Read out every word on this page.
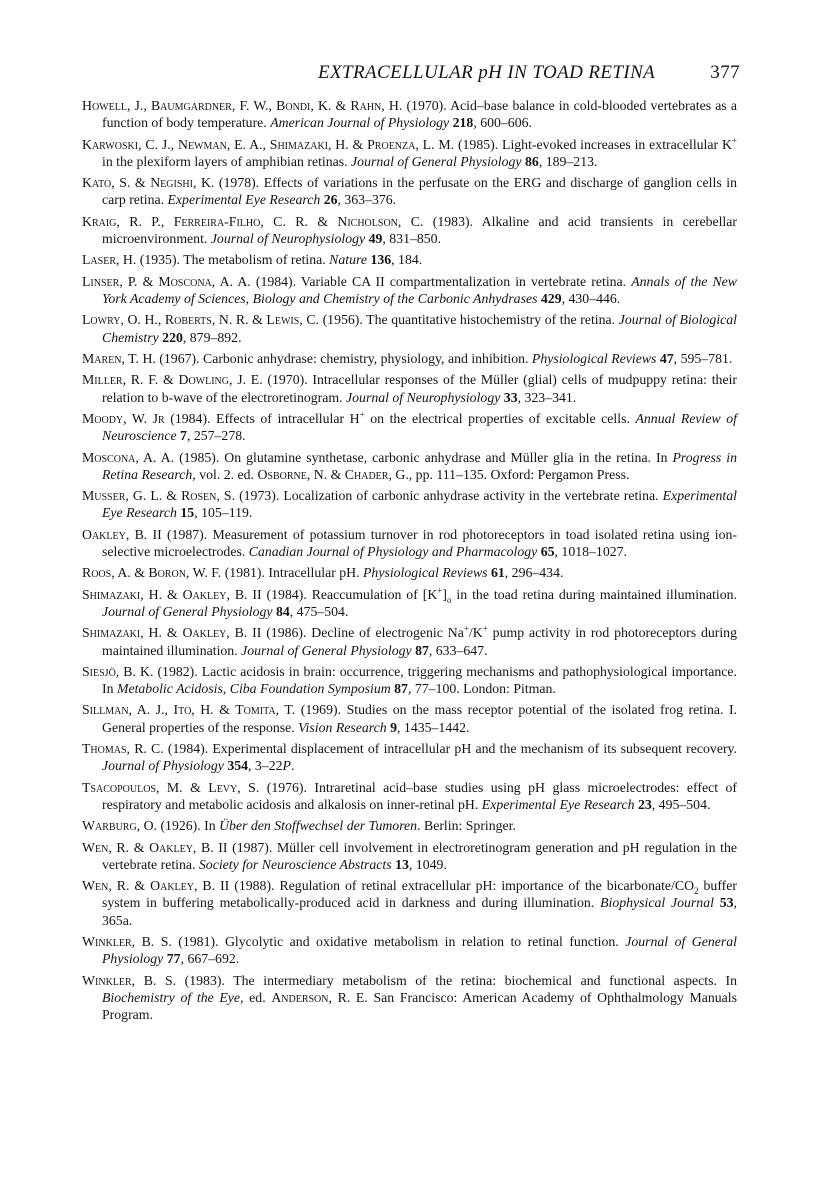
EXTRACELLULAR pH IN TOAD RETINA	377

Howell, J., Baumgardner, F. W., Bondi, K. & Rahn, H. (1970). Acid–base balance in cold-blooded vertebrates as a function of body temperature. American Journal of Physiology 218, 600–606.

Karwoski, C. J., Newman, E. A., Shimazaki, H. & Proenza, L. M. (1985). Light-evoked increases in extracellular K+ in the plexiform layers of amphibian retinas. Journal of General Physiology 86, 189–213.

Kato, S. & Negishi, K. (1978). Effects of variations in the perfusate on the ERG and discharge of ganglion cells in carp retina. Experimental Eye Research 26, 363–376.

Kraig, R. P., Ferreira-Filho, C. R. & Nicholson, C. (1983). Alkaline and acid transients in cerebellar microenvironment. Journal of Neurophysiology 49, 831–850.

Laser, H. (1935). The metabolism of retina. Nature 136, 184.

Linser, P. & Moscona, A. A. (1984). Variable CA II compartmentalization in vertebrate retina. Annals of the New York Academy of Sciences, Biology and Chemistry of the Carbonic Anhydrases 429, 430–446.

Lowry, O. H., Roberts, N. R. & Lewis, C. (1956). The quantitative histochemistry of the retina. Journal of Biological Chemistry 220, 879–892.

Maren, T. H. (1967). Carbonic anhydrase: chemistry, physiology, and inhibition. Physiological Reviews 47, 595–781.

Miller, R. F. & Dowling, J. E. (1970). Intracellular responses of the Müller (glial) cells of mudpuppy retina: their relation to b-wave of the electroretinogram. Journal of Neurophysiology 33, 323–341.

Moody, W. Jr (1984). Effects of intracellular H+ on the electrical properties of excitable cells. Annual Review of Neuroscience 7, 257–278.

Moscona, A. A. (1985). On glutamine synthetase, carbonic anhydrase and Müller glia in the retina. In Progress in Retina Research, vol. 2. ed. Osborne, N. & Chader, G., pp. 111–135. Oxford: Pergamon Press.

Musser, G. L. & Rosen, S. (1973). Localization of carbonic anhydrase activity in the vertebrate retina. Experimental Eye Research 15, 105–119.

Oakley, B. II (1987). Measurement of potassium turnover in rod photoreceptors in toad isolated retina using ion-selective microelectrodes. Canadian Journal of Physiology and Pharmacology 65, 1018–1027.

Roos, A. & Boron, W. F. (1981). Intracellular pH. Physiological Reviews 61, 296–434.

Shimazaki, H. & Oakley, B. II (1984). Reaccumulation of $[K^+]_o$ in the toad retina during maintained illumination. Journal of General Physiology 84, 475–504.

Shimazaki, H. & Oakley, B. II (1986). Decline of electrogenic Na+/K+ pump activity in rod photoreceptors during maintained illumination. Journal of General Physiology 87, 633–647.

Siesjö, B. K. (1982). Lactic acidosis in brain: occurrence, triggering mechanisms and pathophysiological importance. In Metabolic Acidosis, Ciba Foundation Symposium 87, 77–100. London: Pitman.

Sillman, A. J., Ito, H. & Tomita, T. (1969). Studies on the mass receptor potential of the isolated frog retina. I. General properties of the response. Vision Research 9, 1435–1442.

Thomas, R. C. (1984). Experimental displacement of intracellular pH and the mechanism of its subsequent recovery. Journal of Physiology 354, 3–22P.

Tsacopoulos, M. & Levy, S. (1976). Intraretinal acid–base studies using pH glass microelectrodes: effect of respiratory and metabolic acidosis and alkalosis on inner-retinal pH. Experimental Eye Research 23, 495–504.

Warburg, O. (1926). In Über den Stoffwechsel der Tumoren. Berlin: Springer.

Wen, R. & Oakley, B. II (1987). Müller cell involvement in electroretinogram generation and pH regulation in the vertebrate retina. Society for Neuroscience Abstracts 13, 1049.

Wen, R. & Oakley, B. II (1988). Regulation of retinal extracellular pH: importance of the bicarbonate/$CO_2$ buffer system in buffering metabolically-produced acid in darkness and during illumination. Biophysical Journal 53, 365a.

Winkler, B. S. (1981). Glycolytic and oxidative metabolism in relation to retinal function. Journal of General Physiology 77, 667–692.

Winkler, B. S. (1983). The intermediary metabolism of the retina: biochemical and functional aspects. In Biochemistry of the Eye, ed. Anderson, R. E. San Francisco: American Academy of Ophthalmology Manuals Program.
